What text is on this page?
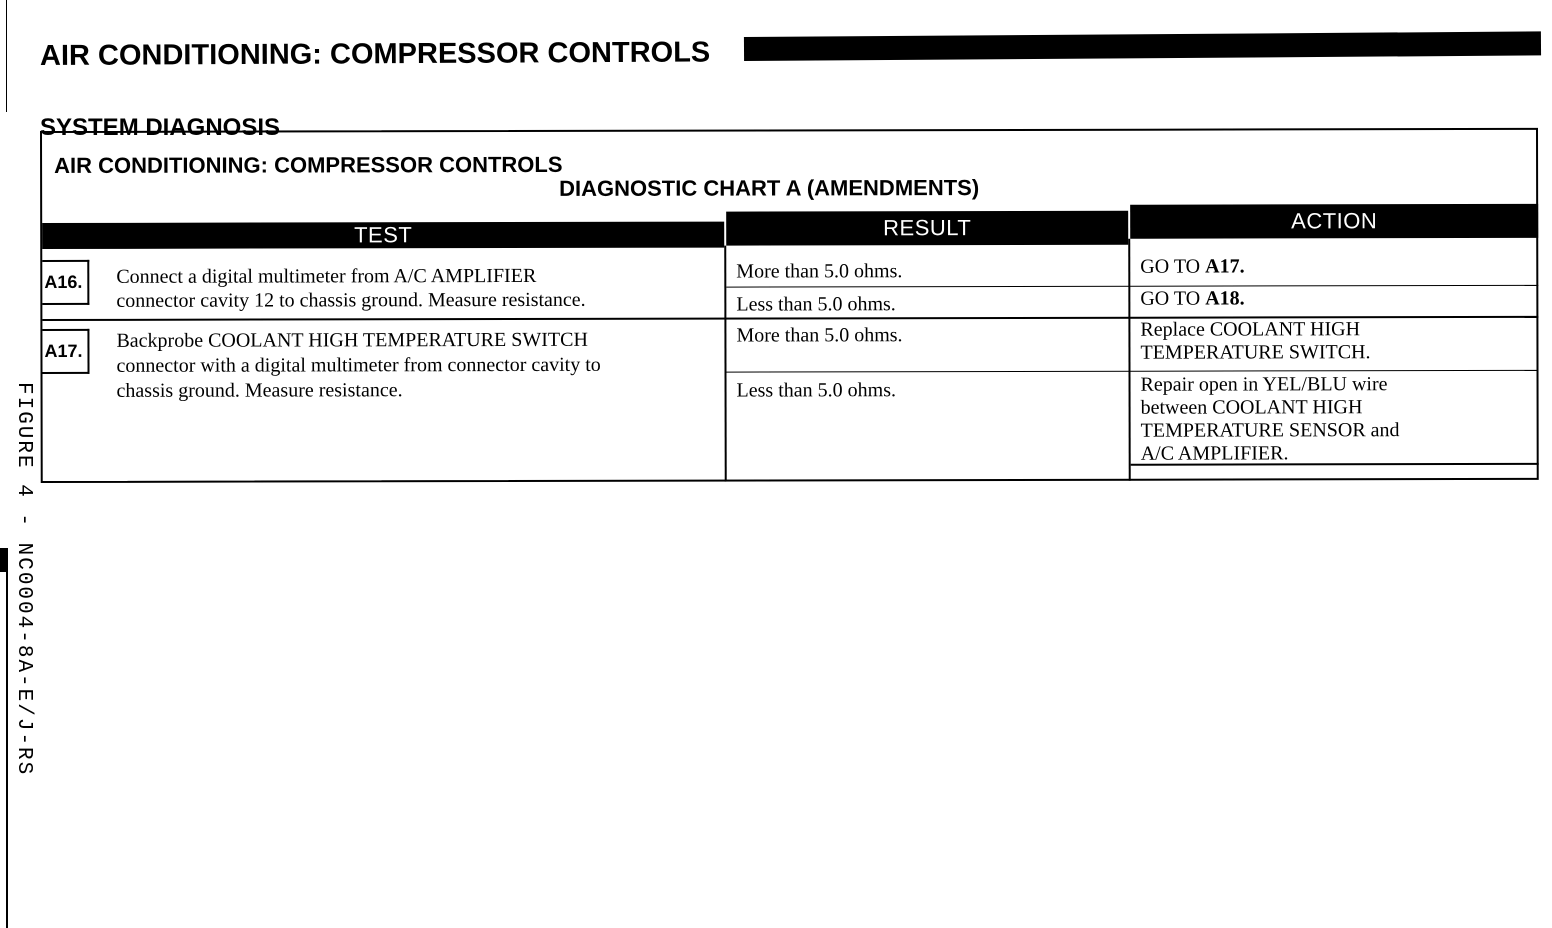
AIR CONDITIONING: COMPRESSOR CONTROLS
SYSTEM DIAGNOSIS
AIR CONDITIONING: COMPRESSOR CONTROLS
DIAGNOSTIC CHART A (AMENDMENTS)
TEST	RESULT	ACTION
A16.	Connect a digital multimeter from A/C AMPLIFIER
connector cavity 12 to chassis ground. Measure resistance.
More than 5.0 ohms.	GO TO A17.
Less than 5.0 ohms.	GO TO A18.
A17.	Backprobe COOLANT HIGH TEMPERATURE SWITCH
connector with a digital multimeter from connector cavity to
chassis ground. Measure resistance.
More than 5.0 ohms.	Replace COOLANT HIGH
TEMPERATURE SWITCH.
Less than 5.0 ohms.	Repair open in YEL/BLU wire
between COOLANT HIGH
TEMPERATURE SENSOR and
A/C AMPLIFIER.
FIGURE 4 - NC0004-8A-E/J-RS
